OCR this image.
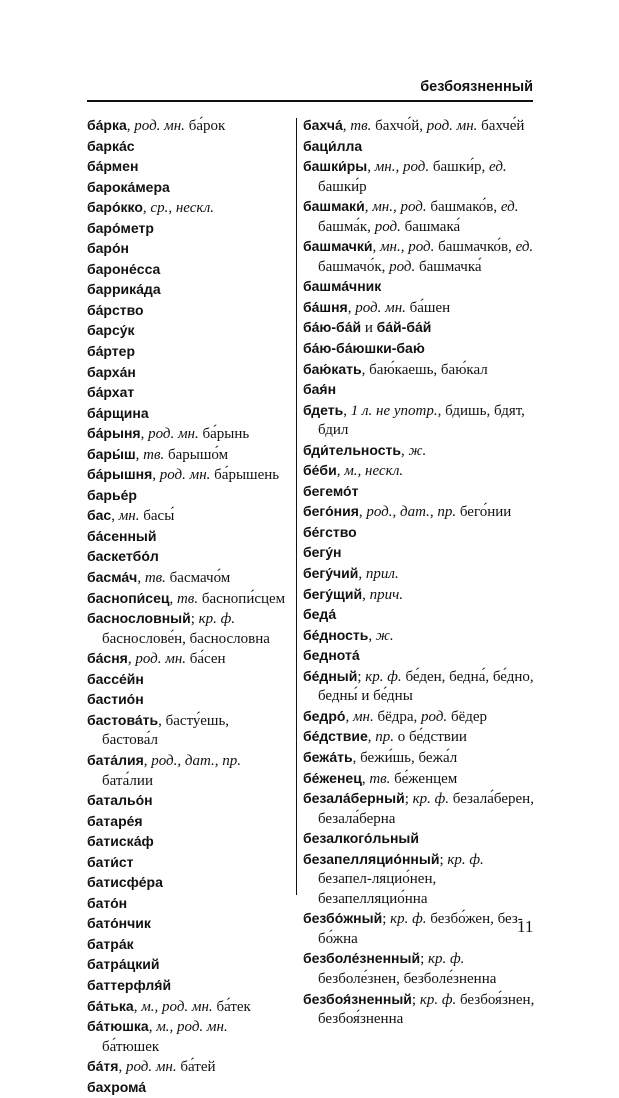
безбоязненный

ба́рка, род. мн. ба́рок

барка́с

ба́рмен

барока́мера

баро́кко, ср., нескл.

баро́метр

баро́н

бароне́сса

баррика́да

ба́рство

барсу́к

ба́ртер

барха́н

ба́рхат

ба́рщина

ба́рыня, род. мн. ба́рынь

бары́ш, тв. барышо́м

ба́рышня, род. мн. ба́рышень

барье́р

бас, мн. басы́

ба́сенный

баскетбо́л

басма́ч, тв. басмачо́м

баснопи́сец, тв. баснопи́сцем

баснословный; кр. ф. баснослове́н, баснословна

ба́сня, род. мн. ба́сен

бассе́йн

бастио́н

бастова́ть, басту́ешь, бастова́л

бата́лия, род., дат., пр. бата́лии

батальо́н

батаре́я

батиска́ф

бати́ст

батисфе́ра

бато́н

бато́нчик

батра́к

батра́цкий

баттерфля́й

ба́тька, м., род. мн. ба́тек

ба́тюшка, м., род. мн. ба́тюшек

ба́тя, род. мн. ба́тей

бахрома́

бахча́, тв. бахчо́й, род. мн. бахче́й

баци́лла

башки́ры, мн., род. башки́р, ед. башки́р

башмаки́, мн., род. башмако́в, ед. башма́к, род. башмака́

башмачки́, мн., род. башмачко́в, ед. башмачо́к, род. башмачка́

башма́чник

ба́шня, род. мн. ба́шен

ба́ю-ба́й и ба́й-ба́й

ба́ю-ба́юшки-баю́

баю́кать, баю́каешь, баю́кал

бая́н

бдеть, 1 л. не употр., бдишь, бдят, бдил

бди́тельность, ж.

бе́би, м., нескл.

бегемо́т

бего́ния, род., дат., пр. бего́нии

бе́гство

бегу́н

бегу́чий, прил.

бегу́щий, прич.

беда́

бе́дность, ж.

беднота́

бе́дный; кр. ф. бе́ден, бедна́, бе́дно, бедны́ и бе́дны

бедро́, мн. бёдра, род. бёдер

бе́дствие, пр. о бе́дствии

бежа́ть, бежи́шь, бежа́л

бе́женец, тв. бе́женцем

безала́берный; кр. ф. безала́берен, безала́берна

безалкого́льный

безапелляцио́нный; кр. ф. безапел-ляцио́нен, безапелляцио́нна

безбо́жный; кр. ф. безбо́жен, без-бо́жна

безболе́зненный; кр. ф. безболе́знен, безболе́зненна

безбоя́зненный; кр. ф. безбоя́знен, безбоя́зненна

11
